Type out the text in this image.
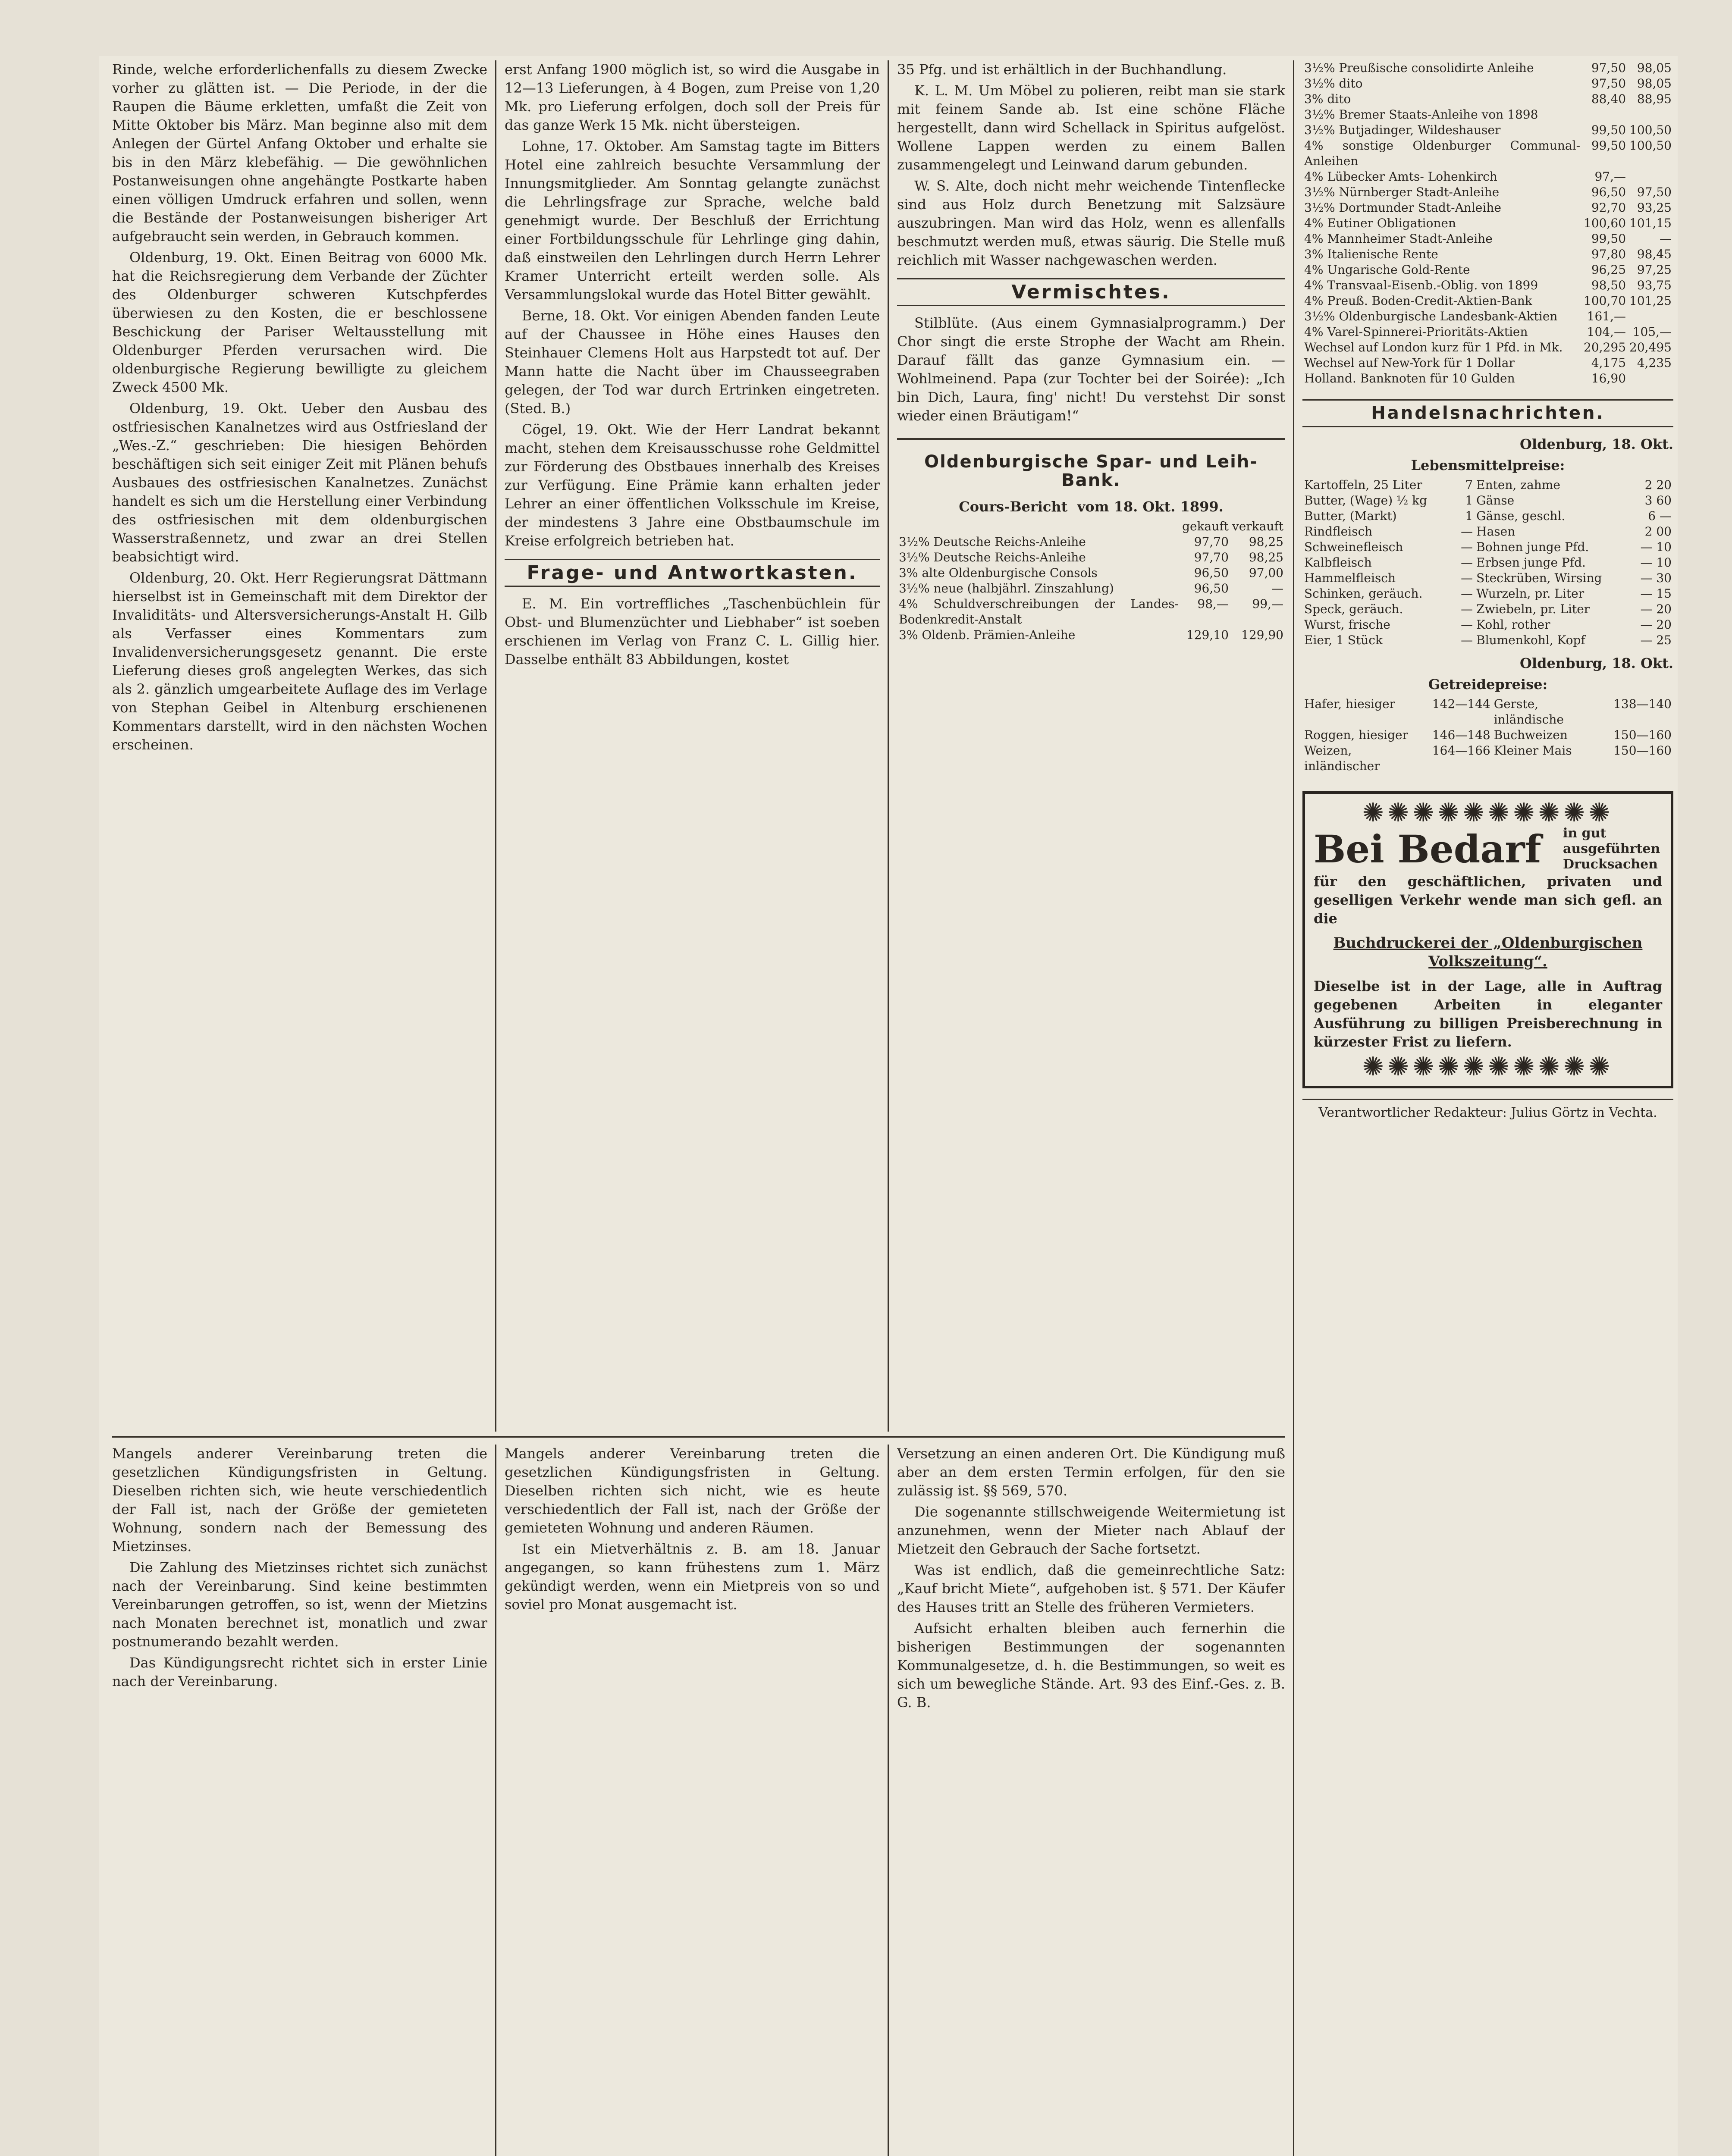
Rinde, welche erforderlichenfalls zu diesem Zwecke vorher zu glätten ist. — Die Periode, in der die Raupen die Bäume erkletten, umfaßt die Zeit von Mitte Oktober bis März. Man beginne also mit dem Anlegen der Gürtel Anfang Oktober und erhalte sie bis in den März klebefähig. — Die gewöhnlichen Postanweisungen ohne angehängte Postkarte haben einen völligen Umdruck erfahren und sollen, wenn die Bestände der Postanweisungen bisheriger Art aufgebraucht sein werden, in Gebrauch kommen.

Oldenburg, 19. Okt. Einen Beitrag von 6000 Mk. hat die Reichsregierung dem Verbande der Züchter des Oldenburger schweren Kutschpferdes überwiesen zu den Kosten, die er beschlossene Beschickung der Pariser Weltausstellung mit Oldenburger Pferden verursachen wird. Die oldenburgische Regierung bewilligte zu gleichem Zweck 4500 Mk.

Oldenburg, 19. Okt. Ueber den Ausbau des ostfriesischen Kanalnetzes wird aus Ostfriesland der „Wes.-Z.“ geschrieben: Die hiesigen Behörden beschäftigen sich seit einiger Zeit mit Plänen behufs Ausbaues des ostfriesischen Kanalnetzes. Zunächst handelt es sich um die Herstellung einer Verbindung des ostfriesischen mit dem oldenburgischen Wasserstraßennetz, und zwar an drei Stellen beabsichtigt wird.

Oldenburg, 20. Okt. Herr Regierungsrat Dättmann hierselbst ist in Gemeinschaft mit dem Direktor der Invaliditäts- und Altersversicherungs-Anstalt H. Gilb als Verfasser eines Kommentars zum Invalidenversicherungsgesetz genannt. Die erste Lieferung dieses groß angelegten Werkes, das sich als 2. gänzlich umgearbeitete Auflage des im Verlage von Stephan Geibel in Altenburg erschienenen Kommentars darstellt, wird in den nächsten Wochen erscheinen.

erst Anfang 1900 möglich ist, so wird die Ausgabe in 12—13 Lieferungen, à 4 Bogen, zum Preise von 1,20 Mk. pro Lieferung erfolgen, doch soll der Preis für das ganze Werk 15 Mk. nicht übersteigen.

Lohne, 17. Oktober. Am Samstag tagte im Bitters Hotel eine zahlreich besuchte Versammlung der Innungsmitglieder. Am Sonntag gelangte zunächst die Lehrlingsfrage zur Sprache, welche bald genehmigt wurde. Der Beschluß der Errichtung einer Fortbildungsschule für Lehrlinge ging dahin, daß einstweilen den Lehrlingen durch Herrn Lehrer Kramer Unterricht erteilt werden solle. Als Versammlungslokal wurde das Hotel Bitter gewählt.

Berne, 18. Okt. Vor einigen Abenden fanden Leute auf der Chaussee in Höhe eines Hauses den Steinhauer Clemens Holt aus Harpstedt tot auf. Der Mann hatte die Nacht über im Chausseegraben gelegen, der Tod war durch Ertrinken eingetreten. (Sted. B.)

Cögel, 19. Okt. Wie der Herr Landrat bekannt macht, stehen dem Kreisausschusse rohe Geldmittel zur Förderung des Obstbaues innerhalb des Kreises zur Verfügung. Eine Prämie kann erhalten jeder Lehrer an einer öffentlichen Volksschule im Kreise, der mindestens 3 Jahre eine Obstbaumschule im Kreise erfolgreich betrieben hat.

Frage- und Antwortkasten.

E. M. Ein vortreffliches „Taschenbüchlein für Obst- und Blumenzüchter und Liebhaber“ ist soeben erschienen im Verlag von Franz C. L. Gillig hier. Dasselbe enthält 83 Abbildungen, kostet

35 Pfg. und ist erhältlich in der Buchhandlung.

K. L. M. Um Möbel zu polieren, reibt man sie stark mit feinem Sande ab. Ist eine schöne Fläche hergestellt, dann wird Schellack in Spiritus aufgelöst. Wollene Lappen werden zu einem Ballen zusammengelegt und Leinwand darum gebunden.

W. S. Alte, doch nicht mehr weichende Tintenflecke sind aus Holz durch Benetzung mit Salzsäure auszubringen. Man wird das Holz, wenn es allenfalls beschmutzt werden muß, etwas säurig. Die Stelle muß reichlich mit Wasser nachgewaschen werden.

Vermischtes.

Stilblüte. (Aus einem Gymnasialprogramm.) Der Chor singt die erste Strophe der Wacht am Rhein. Darauf fällt das ganze Gymnasium ein. — Wohlmeinend. Papa (zur Tochter bei der Soirée): „Ich bin Dich, Laura, fing' nicht! Du verstehst Dir sonst wieder einen Bräutigam!“

Oldenburgische Spar- und Leih-Bank.
Cours-Bericht vom 18. Okt. 1899.
	gekauft	verkauft
3½% Deutsche Reichs-Anleihe	97,70	98,25
3½% Deutsche Reichs-Anleihe	97,70	98,25
3% alte Oldenburgische Consols	96,50	97,00
3½% neue (halbjährl. Zinszahlung)	96,50	—
4% Schuldverschreibungen der Landes-Bodenkredit-Anstalt	98,—	99,—
3% Oldenb. Prämien-Anleihe	129,10	129,90

Mangels anderer Vereinbarung treten die gesetzlichen Kündigungsfristen in Geltung. Dieselben richten sich, wie heute verschiedentlich der Fall ist, nach der Größe der gemieteten Wohnung, sondern nach der Bemessung des Mietzinses.

Die Zahlung des Mietzinses richtet sich zunächst nach der Vereinbarung. Sind keine bestimmten Vereinbarungen getroffen, so ist, wenn der Mietzins nach Monaten berechnet ist, monatlich und zwar postnumerando bezahlt werden.

Das Kündigungsrecht richtet sich in erster Linie nach der Vereinbarung.

Mangels anderer Vereinbarung treten die gesetzlichen Kündigungsfristen in Geltung. Dieselben richten sich nicht, wie es heute verschiedentlich der Fall ist, nach der Größe der gemieteten Wohnung und anderen Räumen.

Ist ein Mietverhältnis z. B. am 18. Januar angegangen, so kann frühestens zum 1. März gekündigt werden, wenn ein Mietpreis von so und soviel pro Monat ausgemacht ist.

Versetzung an einen anderen Ort. Die Kündigung muß aber an dem ersten Termin erfolgen, für den sie zulässig ist. §§ 569, 570.

Die sogenannte stillschweigende Weitermietung ist anzunehmen, wenn der Mieter nach Ablauf der Mietzeit den Gebrauch der Sache fortsetzt.

Was ist endlich, daß die gemeinrechtliche Satz: „Kauf bricht Miete“, aufgehoben ist. § 571. Der Käufer des Hauses tritt an Stelle des früheren Vermieters.

Aufsicht erhalten bleiben auch fernerhin die bisherigen Bestimmungen der sogenannten Kommunalgesetze, d. h. die Bestimmungen, so weit es sich um bewegliche Stände. Art. 93 des Einf.-Ges. z. B. G. B.

3½% Preußische consolidirte Anleihe	97,50	98,05
3½% dito	97,50	98,05
3% dito	88,40	88,95
3½% Bremer Staats-Anleihe von 1898		
3½% Butjadinger, Wildeshauser	99,50	100,50
4% sonstige Oldenburger Communal-Anleihen	99,50	100,50
4% Lübecker Amts- Lohenkirch	97,—	
3½% Nürnberger Stadt-Anleihe	96,50	97,50
3½% Dortmunder Stadt-Anleihe	92,70	93,25
4% Eutiner Obligationen	100,60	101,15
4% Mannheimer Stadt-Anleihe	99,50	—
3% Italienische Rente	97,80	98,45
4% Ungarische Gold-Rente	96,25	97,25
4% Transvaal-Eisenb.-Oblig. von 1899	98,50	93,75
4% Preuß. Boden-Credit-Aktien-Bank	100,70	101,25
3½% Oldenburgische Landesbank-Aktien	161,—	
4% Varel-Spinnerei-Prioritäts-Aktien	104,—	105,—
Wechsel auf London kurz für 1 Pfd. in Mk.	20,295	20,495
Wechsel auf New-York für 1 Dollar	4,175	4,235
Holland. Banknoten für 10 Gulden	16,90	
Handelsnachrichten.
Oldenburg, 18. Okt.
Lebensmittelpreise:
Kartoffeln, 25 Liter	7	Enten, zahme	2 20
Butter, (Wage) ½ kg	1	Gänse	3 60
Butter, (Markt)	1	Gänse, geschl.	6 —
Rindfleisch	—	Hasen	2 00
Schweinefleisch	—	Bohnen junge Pfd.	— 10
Kalbfleisch	—	Erbsen junge Pfd.	— 10
Hammelfleisch	—	Steckrüben, Wirsing	— 30
Schinken, geräuch.	—	Wurzeln, pr. Liter	— 15
Speck, geräuch.	—	Zwiebeln, pr. Liter	— 20
Wurst, frische	—	Kohl, rother	— 20
Eier, 1 Stück	—	Blumenkohl, Kopf	— 25
Oldenburg, 18. Okt.
Getreidepreise:
Hafer, hiesiger	142—144	Gerste, inländische	138—140
Roggen, hiesiger	146—148	Buchweizen	150—160
Weizen, inländischer	164—166	Kleiner Mais	150—160
✺✺✺✺✺✺✺✺✺✺
Bei Bedarf in gut ausgeführten Drucksachen

für den geschäftlichen, privaten und geselligen Verkehr wende man sich gefl. an die

Buchdruckerei der „Oldenburgischen Volkszeitung“.

Dieselbe ist in der Lage, alle in Auftrag gegebenen Arbeiten in eleganter Ausführung zu billigen Preisberechnung in kürzester Frist zu liefern.

✺✺✺✺✺✺✺✺✺✺
Verantwortlicher Redakteur: Julius Görtz in Vechta.
